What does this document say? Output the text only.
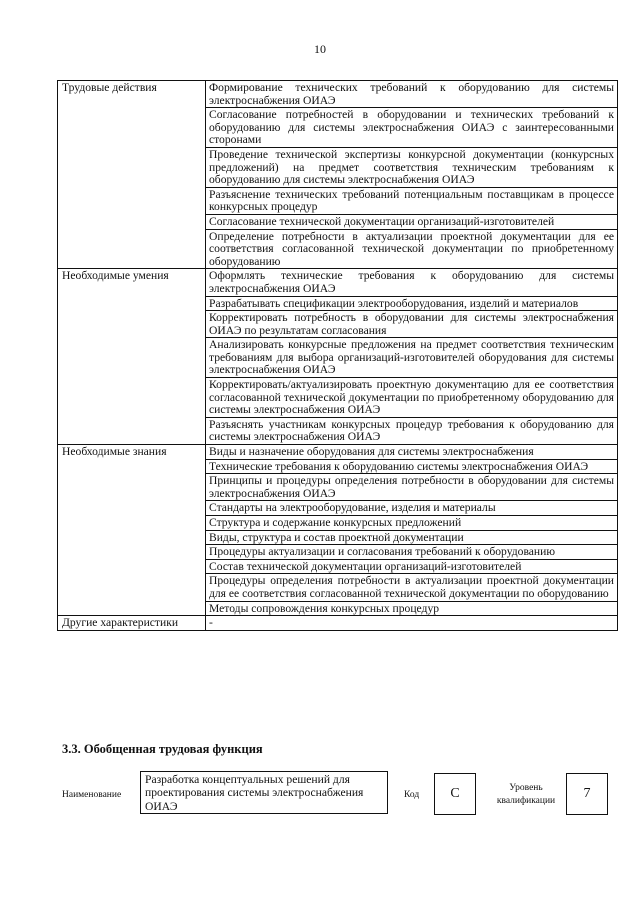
10
Трудовые действия	Формирование технических требований к оборудованию для системы электроснабжения ОИАЭ
	Согласование потребностей в оборудовании и технических требований к оборудованию для системы электроснабжения ОИАЭ с заинтересованными сторонами
	Проведение технической экспертизы конкурсной документации (конкурсных предложений) на предмет соответствия техническим требованиям к оборудованию для системы электроснабжения ОИАЭ
	Разъяснение технических требований потенциальным поставщикам в процессе конкурсных процедур
	Согласование технической документации организаций-изготовителей
	Определение потребности в актуализации проектной документации для ее соответствия согласованной технической документации по приобретенному оборудованию
Необходимые умения	Оформлять технические требования к оборудованию для системы электроснабжения ОИАЭ
	Разрабатывать спецификации электрооборудования, изделий и материалов
	Корректировать потребность в оборудовании для системы электроснабжения ОИАЭ по результатам согласования
	Анализировать конкурсные предложения на предмет соответствия техническим требованиям для выбора организаций-изготовителей оборудования для системы электроснабжения ОИАЭ
	Корректировать/актуализировать проектную документацию для ее соответствия согласованной технической документации по приобретенному оборудованию для системы электроснабжения ОИАЭ
	Разъяснять участникам конкурсных процедур требования к оборудованию для системы электроснабжения ОИАЭ
Необходимые знания	Виды и назначение оборудования для системы электроснабжения
	Технические требования к оборудованию системы электроснабжения ОИАЭ
	Принципы и процедуры определения потребности в оборудовании для системы электроснабжения ОИАЭ
	Стандарты на электрооборудование, изделия и материалы
	Структура и содержание конкурсных предложений
	Виды, структура и состав проектной документации
	Процедуры актуализации и согласования требований к оборудованию
	Состав технической документации организаций-изготовителей
	Процедуры определения потребности в актуализации проектной документации для ее соответствия согласованной технической документации по оборудованию
	Методы сопровождения конкурсных процедур
Другие характеристики	-
3.3. Обобщенная трудовая функция
Наименование
Разработка концептуальных решений для проектирования системы электроснабжения ОИАЭ
Код	C	Уровень квалификации	7
